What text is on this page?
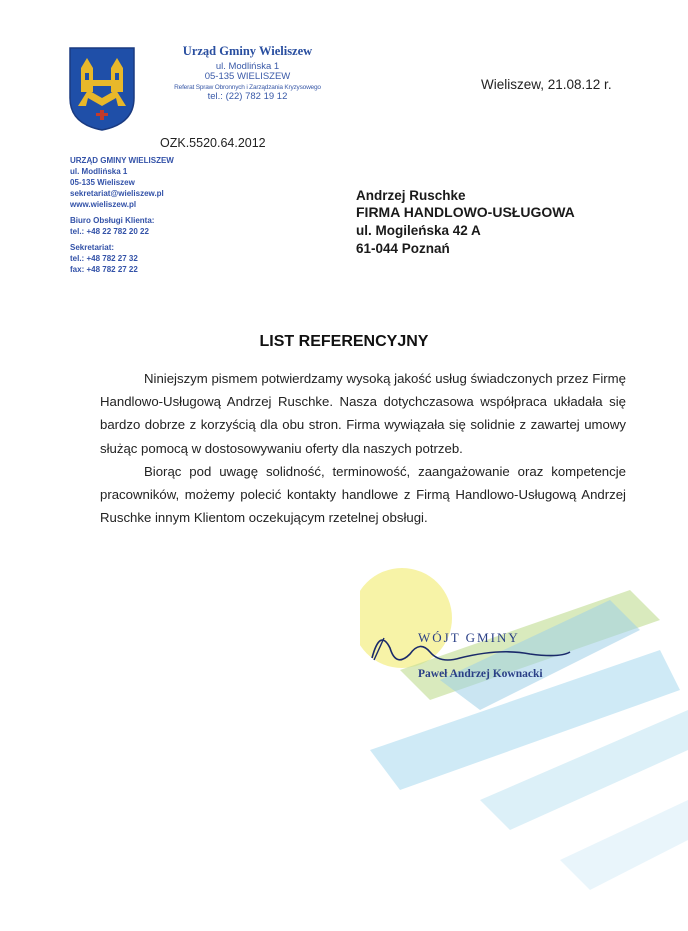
Urząd Gminy Wieliszew
ul. Modlińska 1
05-135 WIELISZEW
Referat Spraw Obronnych i Zarządzania Kryzysowego
tel.: (22) 782 19 12
Wieliszew, 21.08.12 r.
OZK.5520.64.2012
URZĄD GMINY WIELISZEW
ul. Modlińska 1
05-135 Wieliszew
sekretariat@wieliszew.pl
www.wieliszew.pl
Biuro Obsługi Klienta:
tel.: +48 22 782 20 22
Sekretariat:
tel.: +48 782 27 32
fax: +48 782 27 22
Andrzej Ruschke
FIRMA HANDLOWO-USŁUGOWA
ul. Mogileńska 42 A
61-044 Poznań
LIST REFERENCYJNY
Niniejszym pismem potwierdzamy wysoką jakość usług świadczonych przez Firmę Handlowo-Usługową Andrzej Ruschke. Nasza dotychczasowa współpraca układała się bardzo dobrze z korzyścią dla obu stron. Firma wywiązała się solidnie z zawartej umowy służąc pomocą w dostosowywaniu oferty dla naszych potrzeb.
Biorąc pod uwagę solidność, terminowość, zaangażowanie oraz kompetencje pracowników, możemy polecić kontakty handlowe z Firmą Handlowo-Usługową Andrzej Ruschke innym Klientom oczekującym rzetelnej obsługi.
WÓJT GMINY
Paweł Andrzej Kownacki
